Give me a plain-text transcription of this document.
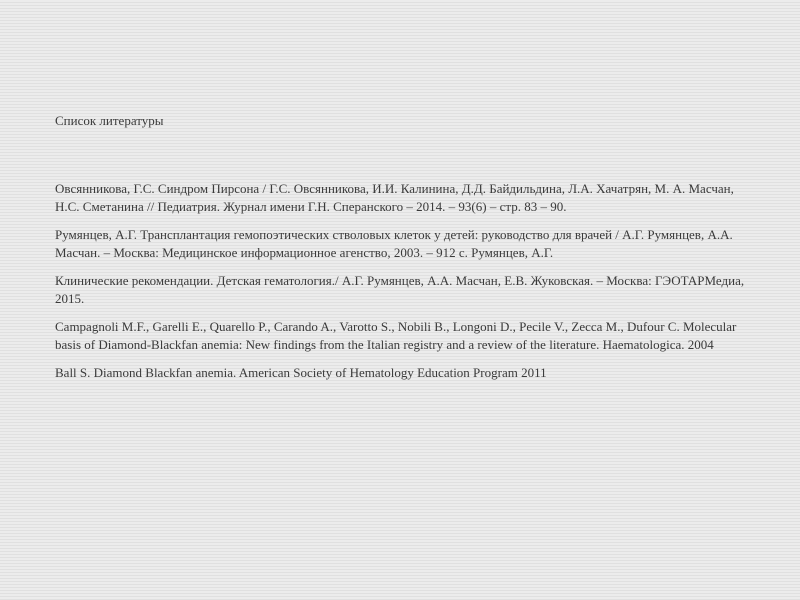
Список литературы
Овсянникова, Г.С. Синдром Пирсона / Г.С. Овсянникова, И.И. Калинина, Д.Д. Байдильдина, Л.А. Хачатрян, М. А. Масчан, Н.С. Сметанина // Педиатрия. Журнал имени Г.Н. Сперанского – 2014. – 93(6) – стр. 83 – 90.
Румянцев, А.Г. Трансплантация гемопоэтических стволовых клеток у детей: руководство для врачей / А.Г. Румянцев, А.А. Масчан. – Москва: Медицинское информационное агенство, 2003. – 912 с. Румянцев, А.Г.
Клинические рекомендации. Детская гематология./ А.Г. Румянцев, А.А. Масчан, Е.В. Жуковская. – Москва: ГЭОТАРМедиа, 2015.
Campagnoli M.F., Garelli E., Quarello P., Carando A., Varotto S., Nobili B., Longoni D., Pecile V., Zecca M., Dufour C. Molecular basis of Diamond-Blackfan anemia: New findings from the Italian registry and a review of the literature. Haematologica. 2004
Ball S. Diamond Blackfan anemia. American Society of Hematology Education Program 2011
